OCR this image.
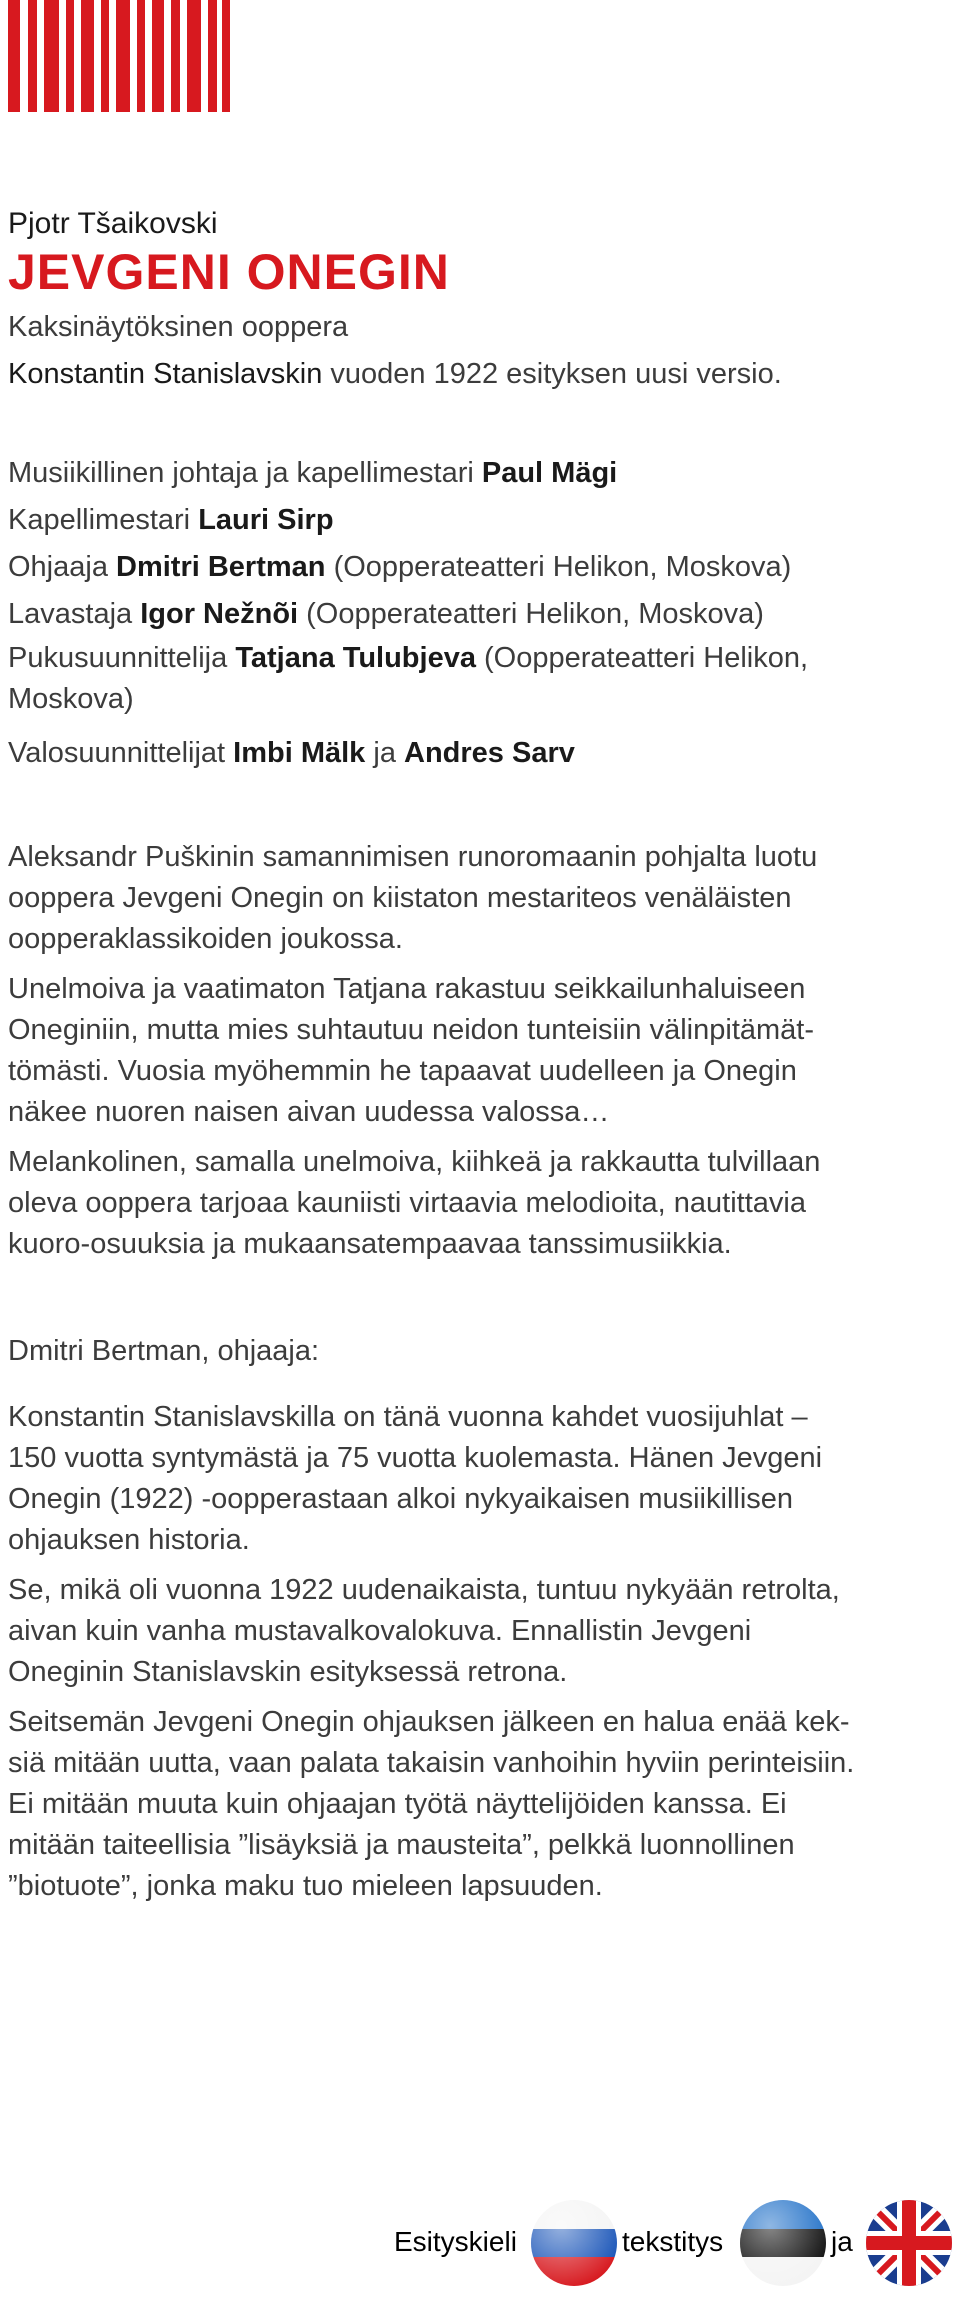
Pjotr Tšaikovski

JEVGENI ONEGIN

Kaksinäytöksinen ooppera

Konstantin Stanislavskin vuoden 1922 esityksen uusi versio.

Musiikillinen johtaja ja kapellimestari Paul Mägi

Kapellimestari Lauri Sirp

Ohjaaja Dmitri Bertman (Oopperateatteri Helikon, Moskova)

Lavastaja Igor Nežnõi (Oopperateatteri Helikon, Moskova)

Pukusuunnittelija Tatjana Tulubjeva (Oopperateatteri Helikon,

Moskova)

Valosuunnittelijat Imbi Mälk ja Andres Sarv

Aleksandr Puškinin samannimisen runoromaanin pohjalta luotu
ooppera Jevgeni Onegin on kiistaton mestariteos venäläisten
oopperaklassikoiden joukossa.

Unelmoiva ja vaatimaton Tatjana rakastuu seikkailunhaluiseen
Oneginiin, mutta mies suhtautuu neidon tunteisiin välinpitämät-
tömästi. Vuosia myöhemmin he tapaavat uudelleen ja Onegin
näkee nuoren naisen aivan uudessa valossa…

Melankolinen, samalla unelmoiva, kiihkeä ja rakkautta tulvillaan
oleva ooppera tarjoaa kauniisti virtaavia melodioita, nautittavia
kuoro-osuuksia ja mukaansatempaavaa tanssimusiikkia.

Dmitri Bertman, ohjaaja:

Konstantin Stanislavskilla on tänä vuonna kahdet vuosijuhlat –
150 vuotta syntymästä ja 75 vuotta kuolemasta. Hänen Jevgeni
Onegin (1922) -oopperastaan alkoi nykyaikaisen musiikillisen
ohjauksen historia.

Se, mikä oli vuonna 1922 uudenaikaista, tuntuu nykyään retrolta,
aivan kuin vanha mustavalkovalokuva. Ennallistin Jevgeni
Oneginin Stanislavskin esityksessä retrona.

Seitsemän Jevgeni Onegin ohjauksen jälkeen en halua enää kek-
siä mitään uutta, vaan palata takaisin vanhoihin hyviin perinteisiin.
Ei mitään muuta kuin ohjaajan työtä näyttelijöiden kanssa. Ei
mitään taiteellisia ”lisäyksiä ja mausteita”, pelkkä luonnollinen
”biotuote”, jonka maku tuo mieleen lapsuuden.

Esityskieli	tekstitys	ja
